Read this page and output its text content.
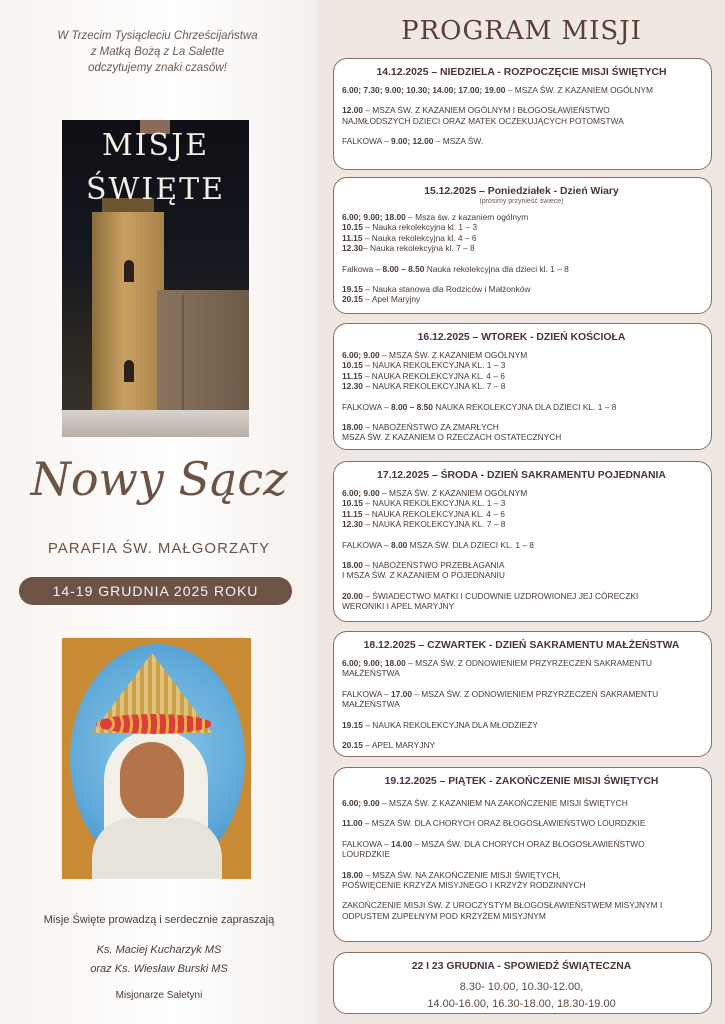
W Trzecim Tysiącleciu Chrześcijaństwa
z Matką Bożą z La Salette
odczytujemy znaki czasów!
MISJE
ŚWIĘTE
Nowy Sącz
PARAFIA ŚW. MAŁGORZATY
14-19 GRUDNIA 2025 ROKU
Misje Święte prowadzą i serdecznie zapraszają
Ks. Maciej Kucharzyk MS
oraz Ks. Wiesław Burski MS
Misjonarze Saletyni
PROGRAM MISJI
14.12.2025 – NIEDZIELA - ROZPOCZĘCIE MISJI ŚWIĘTYCH
6.00; 7.30; 9.00; 10.30; 14.00; 17.00; 19.00 – MSZA ŚW. Z KAZANIEM OGÓLNYM
12.00 – MSZA ŚW. Z KAZANIEM OGÓLNYM I BŁOGOSŁAWIEŃSTWO
NAJMŁODSZYCH DZIECI ORAZ MATEK OCZEKUJĄCYCH POTOMSTWA
FALKOWA – 9.00; 12.00 – MSZA ŚW.
15.12.2025 – Poniedziałek - Dzień Wiary
(prosimy przynieść świece)
6.00; 9.00; 18.00 – Msza św. z kazaniem ogólnym
10.15 – Nauka rekolekcyjna kl. 1 – 3
11.15 – Nauka rekolekcyjna kl. 4 – 6
12.30– Nauka rekolekcyjna kl. 7 – 8
Falkowa – 8.00 – 8.50 Nauka rekolekcyjna dla dzieci kl. 1 – 8
19.15 – Nauka stanowa dla Rodziców i Małżonków
20.15 – Apel Maryjny
16.12.2025 – WTOREK - DZIEŃ KOŚCIOŁA
6.00; 9.00 – MSZA ŚW. Z KAZANIEM OGÓLNYM
10.15 – NAUKA REKOLEKCYJNA KL. 1 – 3
11.15 – NAUKA REKOLEKCYJNA KL. 4 – 6
12.30 – NAUKA REKOLEKCYJNA KL. 7 – 8
FALKOWA – 8.00 – 8.50 NAUKA REKOLEKCYJNA DLA DZIECI KL. 1 – 8
18.00 – NABOŻEŃSTWO ZA ZMARŁYCH
MSZA ŚW. Z KAZANIEM O RZECZACH OSTATECZNYCH
17.12.2025 – ŚRODA - DZIEŃ SAKRAMENTU POJEDNANIA
6.00; 9.00 – MSZA ŚW. Z KAZANIEM OGÓLNYM
10.15 – NAUKA REKOLEKCYJNA KL. 1 – 3
11.15 – NAUKA REKOLEKCYJNA KL. 4 – 6
12.30 – NAUKA REKOLEKCYJNA KL. 7 – 8
FALKOWA – 8.00 MSZA ŚW. DLA DZIECI KL. 1 – 8
18.00 – NABOŻEŃSTWO PRZEBŁAGANIA
I MSZA ŚW. Z KAZANIEM O POJEDNANIU
20.00 – ŚWIADECTWO MATKI I CUDOWNIE UZDROWIONEJ JEJ CÓRECZKI
WERONIKI I APEL MARYJNY
18.12.2025 – CZWARTEK - DZIEŃ SAKRAMENTU MAŁŻEŃSTWA
6.00; 9.00; 18.00 – MSZA ŚW. Z ODNOWIENIEM PRZYRZECZEŃ SAKRAMENTU
MAŁŻEŃSTWA
FALKOWA – 17.00 – MSZA ŚW. Z ODNOWIENIEM PRZYRZECZEŃ SAKRAMENTU
MAŁŻEŃSTWA
19.15 – NAUKA REKOLEKCYJNA DLA MŁODZIEŻY
20.15 – APEL MARYJNY
19.12.2025 – PIĄTEK - ZAKOŃCZENIE MISJI ŚWIĘTYCH
6.00; 9.00 – MSZA ŚW. Z KAZANIEM NA ZAKOŃCZENIE MISJI ŚWIĘTYCH
11.00 – MSZA ŚW. DLA CHORYCH ORAZ BŁOGOSŁAWIEŃSTWO LOURDZKIE
FALKOWA – 14.00 – MSZA ŚW. DLA CHORYCH ORAZ BŁOGOSŁAWIEŃSTWO
LOURDZKIE
18.00 – MSZA ŚW. NA ZAKOŃCZENIE MISJI ŚWIĘTYCH,
POŚWIĘCENIE KRZYŻA MISYJNEGO I KRZYŻY RODZINNYCH
ZAKOŃCZENIE MISJI ŚW. Z UROCZYSTYM BŁOGOSŁAWIEŃSTWEM MISYJNYM I
ODPUSTEM ZUPEŁNYM POD KRZYŻEM MISYJNYM
22 I 23 GRUDNIA - SPOWIEDŹ ŚWIĄTECZNA
8.30- 10.00, 10.30-12.00,
14.00-16.00, 16.30-18.00, 18.30-19.00
